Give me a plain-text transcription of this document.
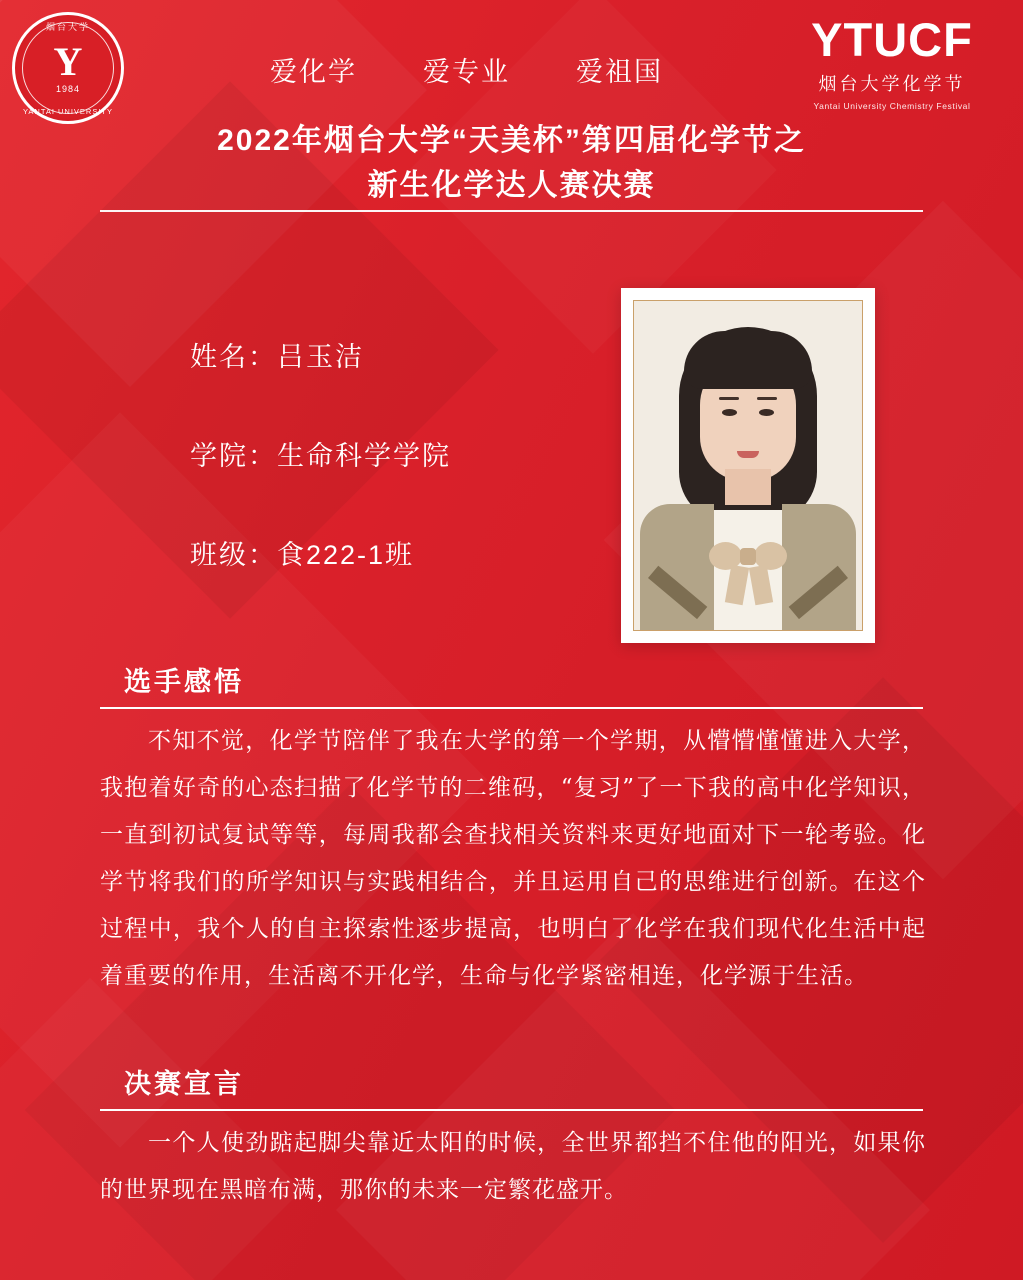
烟台大学
Y
1984
YANTAI UNIVERSITY
爱化学 爱专业 爱祖国
YTUCF
烟台大学化学节
Yantai University Chemistry Festival
2022年烟台大学“天美杯”第四届化学节之
新生化学达人赛决赛
姓名：吕玉洁
学院：生命科学学院
班级：食222-1班
选手感悟
不知不觉，化学节陪伴了我在大学的第一个学期，从懵懵懂懂进入大学，我抱着好奇的心态扫描了化学节的二维码，“复习”了一下我的高中化学知识，一直到初试复试等等，每周我都会查找相关资料来更好地面对下一轮考验。化学节将我们的所学知识与实践相结合，并且运用自己的思维进行创新。在这个过程中，我个人的自主探索性逐步提高，也明白了化学在我们现代化生活中起着重要的作用，生活离不开化学，生命与化学紧密相连，化学源于生活。
决赛宣言
一个人使劲踮起脚尖靠近太阳的时候，全世界都挡不住他的阳光，如果你的世界现在黑暗布满，那你的未来一定繁花盛开。
